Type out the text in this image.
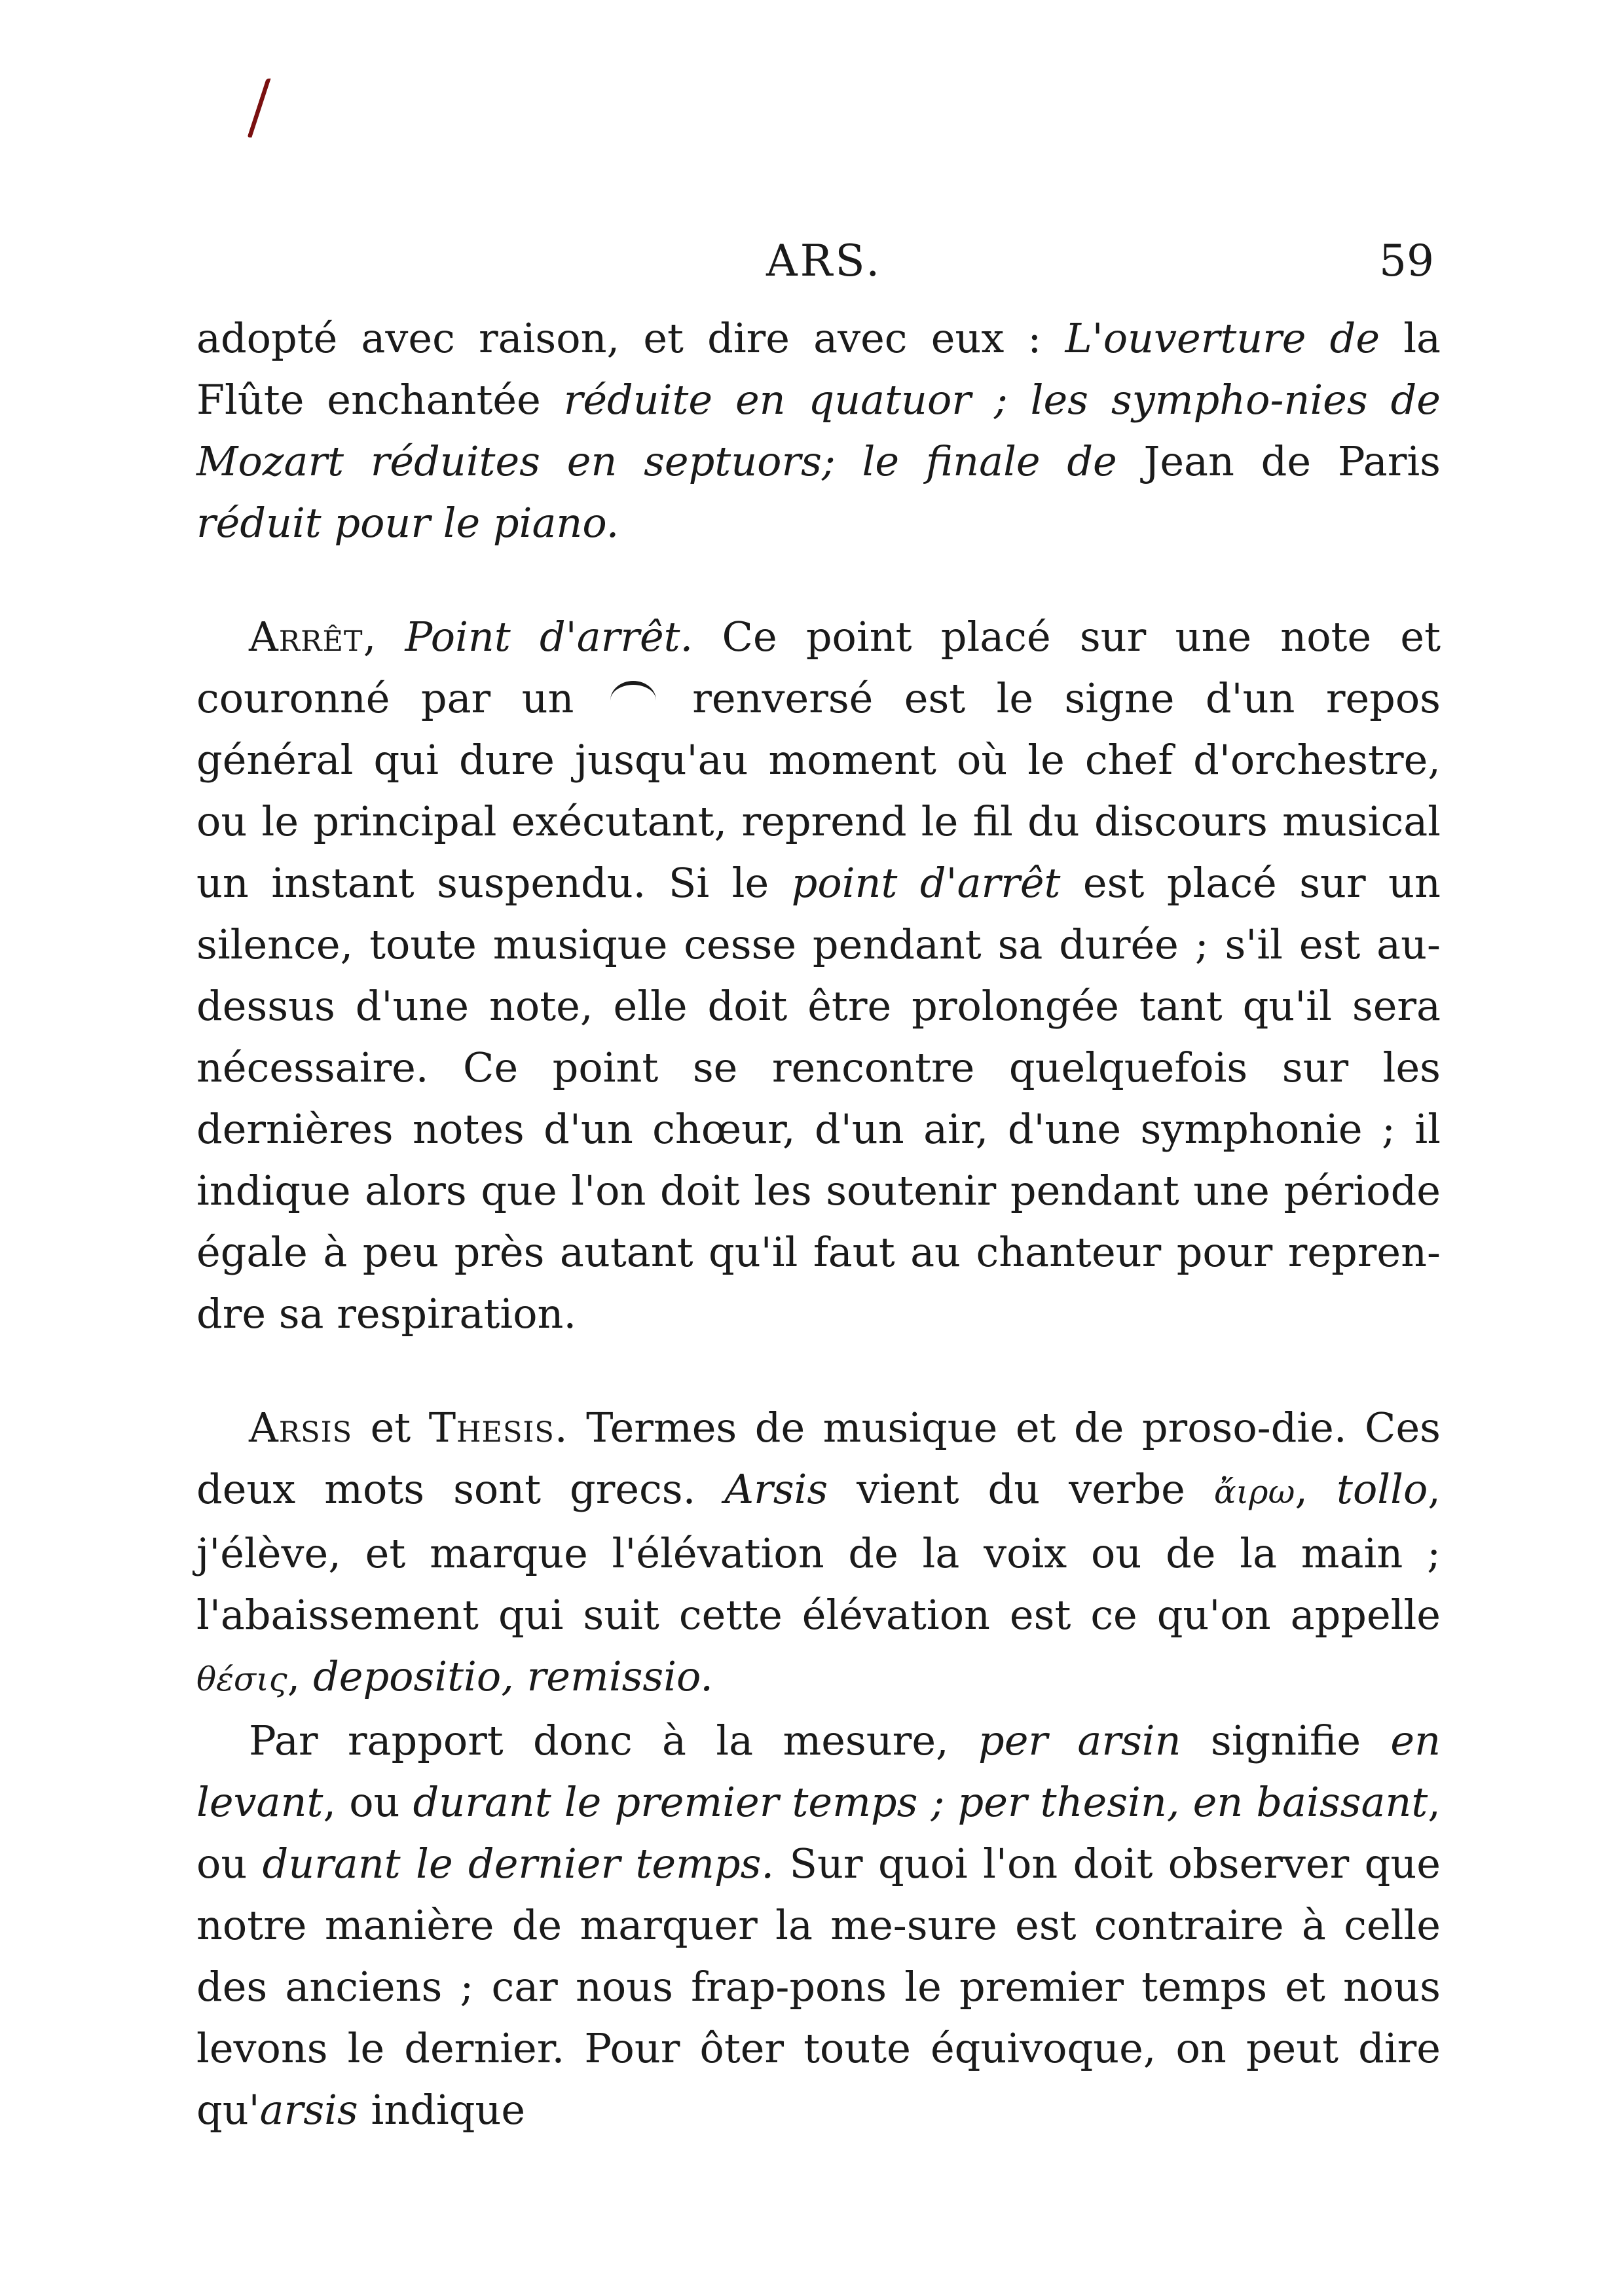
ARS.	59

adopté avec raison, et dire avec eux : L'ouverture de la Flûte enchantée réduite en quatuor ; les sympho-nies de Mozart réduites en septuors; le finale de Jean de Paris réduit pour le piano.

Arrêt, Point d'arrêt. Ce point placé sur une note et couronné par un  renversé est le signe d'un repos général qui dure jusqu'au moment où le chef d'orchestre, ou le principal exécutant, reprend le fil du discours musical un instant suspendu. Si le point d'arrêt est placé sur un silence, toute musique cesse pendant sa durée ; s'il est au-dessus d'une note, elle doit être prolongée tant qu'il sera nécessaire. Ce point se rencontre quelquefois sur les dernières notes d'un chœur, d'un air, d'une symphonie ; il indique alors que l'on doit les soutenir pendant une période égale à peu près autant qu'il faut au chanteur pour repren-dre sa respiration.

Arsis et Thesis. Termes de musique et de proso-die. Ces deux mots sont grecs. Arsis vient du verbe ἄιρω, tollo, j'élève, et marque l'élévation de la voix ou de la main ; l'abaissement qui suit cette élévation est ce qu'on appelle θέσις, depositio, remissio.

Par rapport donc à la mesure, per arsin signifie en levant, ou durant le premier temps ; per thesin, en baissant, ou durant le dernier temps. Sur quoi l'on doit observer que notre manière de marquer la me-sure est contraire à celle des anciens ; car nous frap-pons le premier temps et nous levons le dernier. Pour ôter toute équivoque, on peut dire qu'arsis indique
